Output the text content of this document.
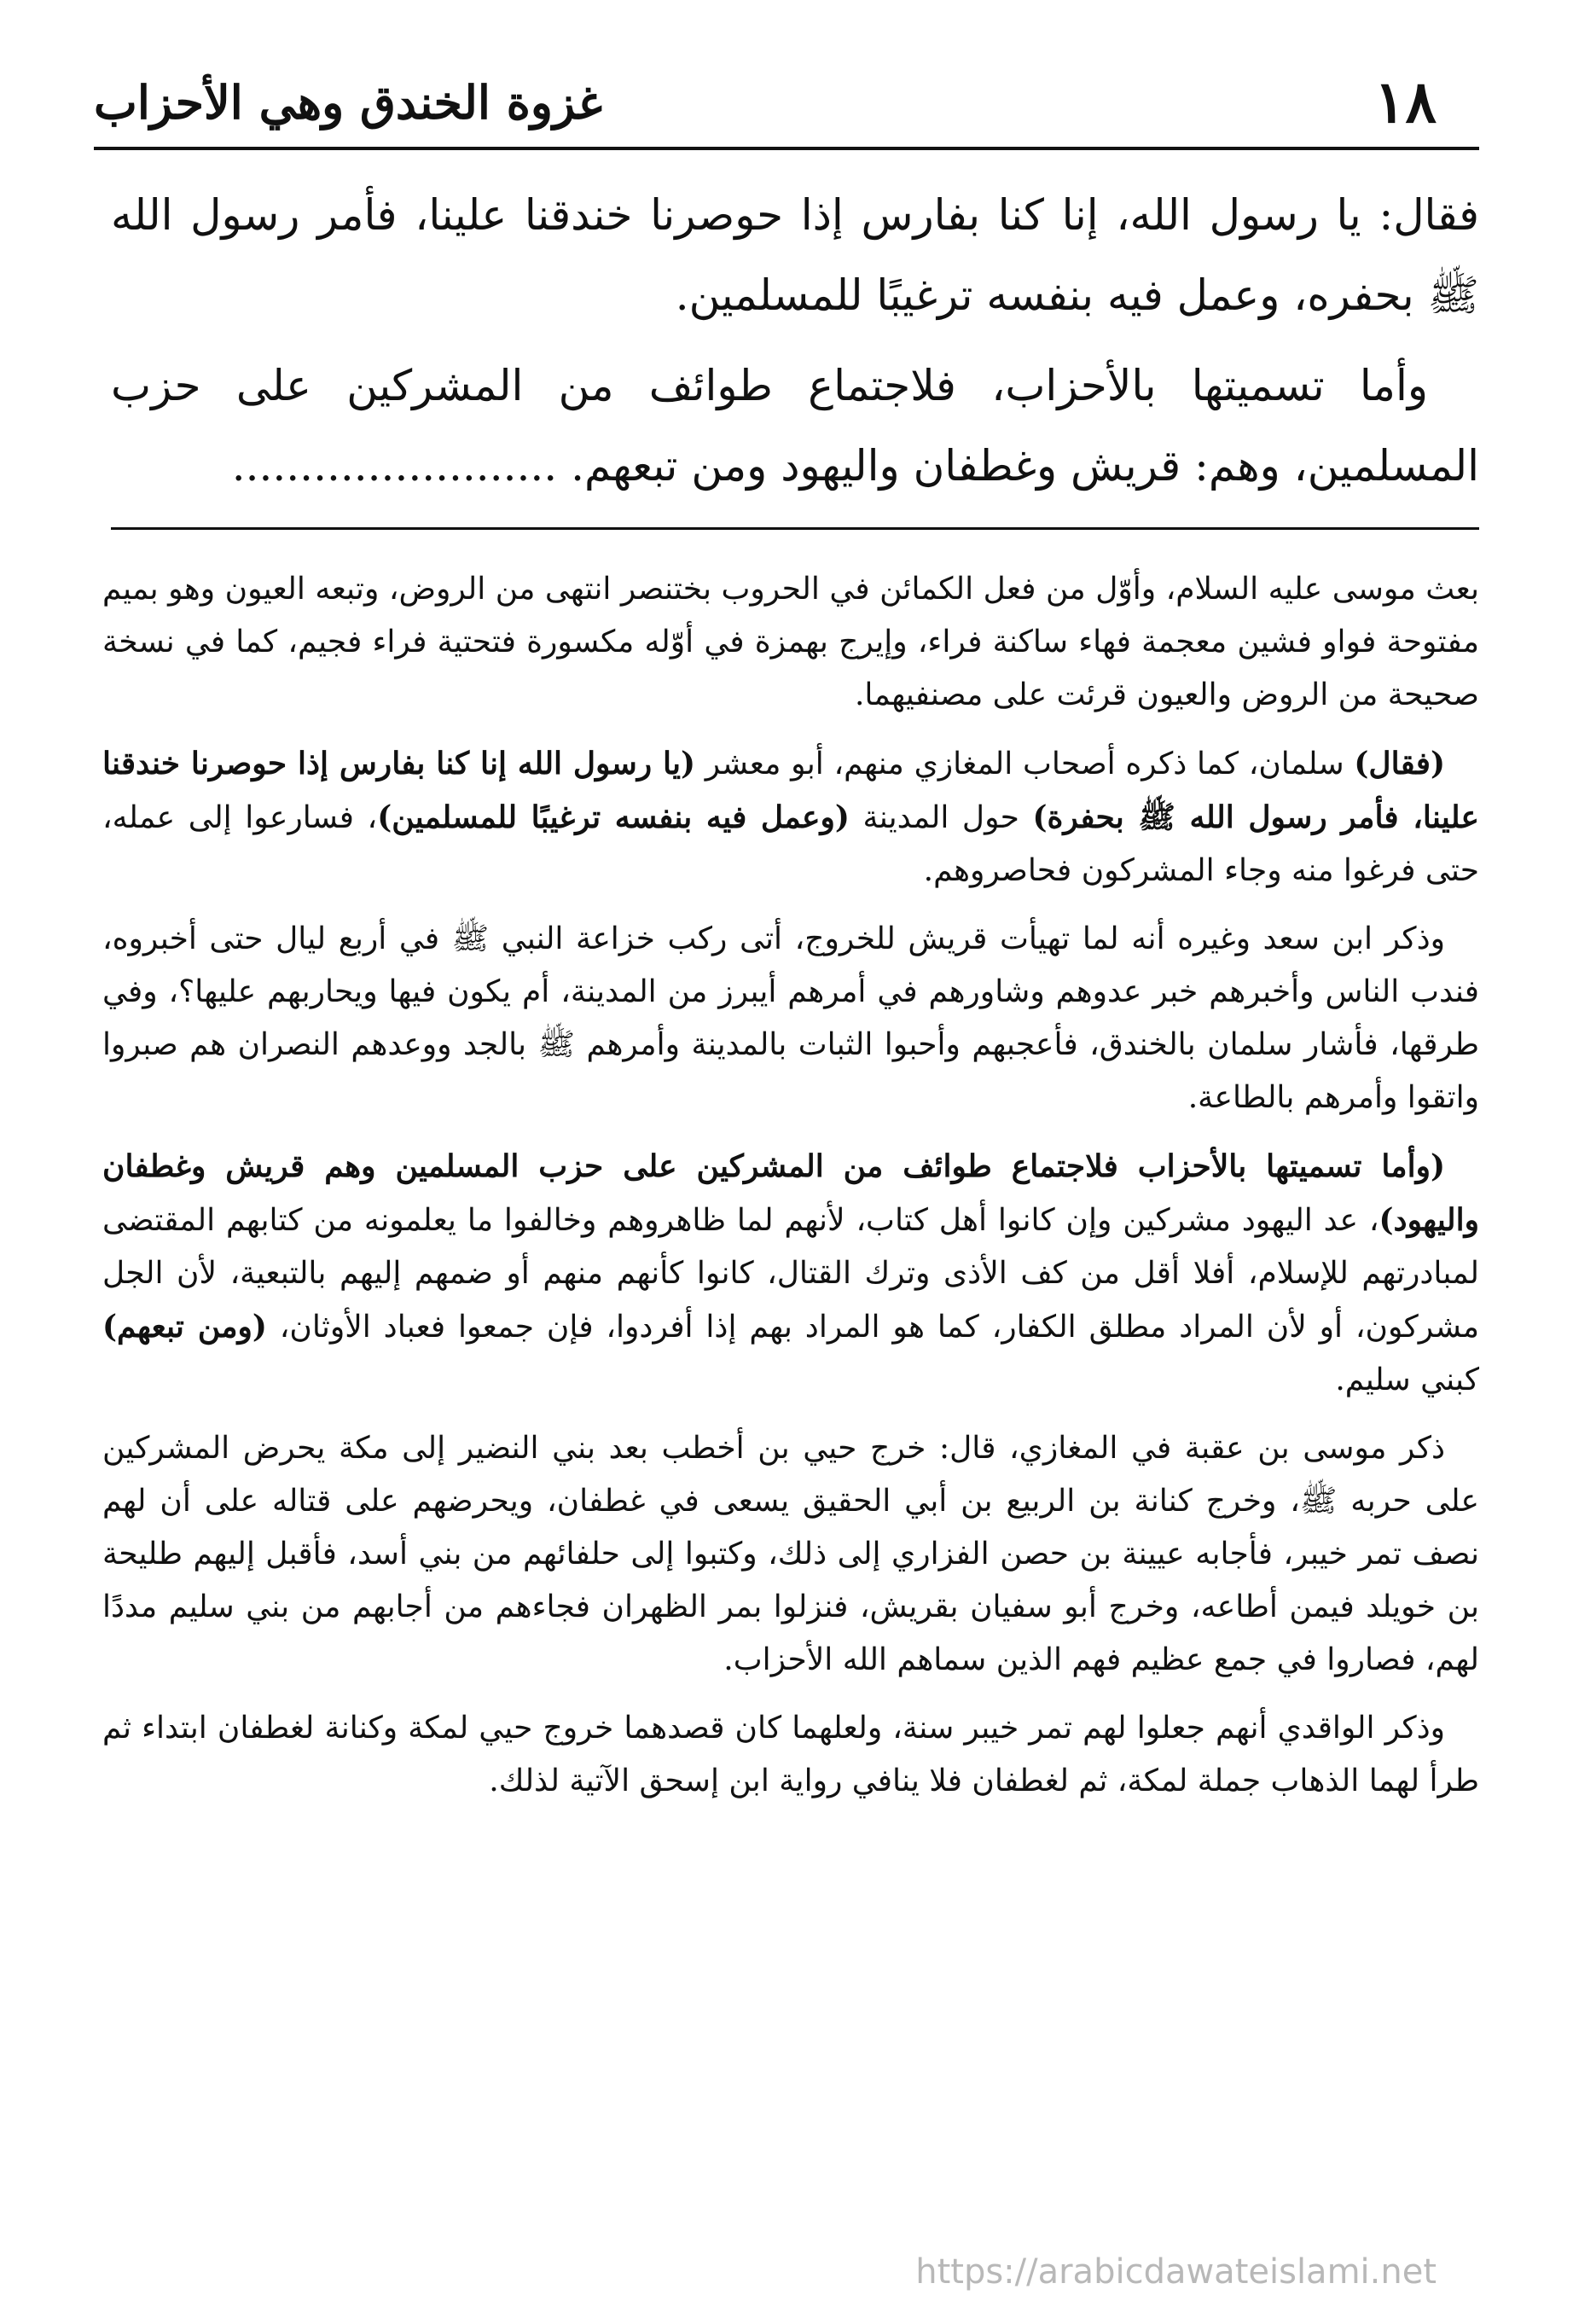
١٨
غزوة الخندق وهي الأحزاب

فقال: يا رسول الله، إنا كنا بفارس إذا حوصرنا خندقنا علينا، فأمر رسول الله ﷺ بحفره، وعمل فيه بنفسه ترغيبًا للمسلمين.

وأما تسميتها بالأحزاب، فلاجتماع طوائف من المشركين على حزب المسلمين، وهم: قريش وغطفان واليهود ومن تبعهم. ........................

بعث موسى عليه السلام، وأوّل من فعل الكمائن في الحروب بختنصر انتهى من الروض، وتبعه العيون وهو بميم مفتوحة فواو فشين معجمة فهاء ساكنة فراء، وإيرج بهمزة في أوّله مكسورة فتحتية فراء فجيم، كما في نسخة صحيحة من الروض والعيون قرئت على مصنفيهما.

(فقال) سلمان، كما ذكره أصحاب المغازي منهم، أبو معشر (يا رسول الله إنا كنا بفارس إذا حوصرنا خندقنا علينا، فأمر رسول الله ﷺ بحفرة) حول المدينة (وعمل فيه بنفسه ترغيبًا للمسلمين)، فسارعوا إلى عمله، حتى فرغوا منه وجاء المشركون فحاصروهم.

وذكر ابن سعد وغيره أنه لما تهيأت قريش للخروج، أتى ركب خزاعة النبي ﷺ في أربع ليال حتى أخبروه، فندب الناس وأخبرهم خبر عدوهم وشاورهم في أمرهم أيبرز من المدينة، أم يكون فيها ويحاربهم عليها؟، وفي طرقها، فأشار سلمان بالخندق، فأعجبهم وأحبوا الثبات بالمدينة وأمرهم ﷺ بالجد ووعدهم النصران هم صبروا واتقوا وأمرهم بالطاعة.

(وأما تسميتها بالأحزاب فلاجتماع طوائف من المشركين على حزب المسلمين وهم قريش وغطفان واليهود)، عد اليهود مشركين وإن كانوا أهل كتاب، لأنهم لما ظاهروهم وخالفوا ما يعلمونه من كتابهم المقتضى لمبادرتهم للإسلام، أفلا أقل من كف الأذى وترك القتال، كانوا كأنهم منهم أو ضمهم إليهم بالتبعية، لأن الجل مشركون، أو لأن المراد مطلق الكفار، كما هو المراد بهم إذا أفردوا، فإن جمعوا فعباد الأوثان، (ومن تبعهم) كبني سليم.

ذكر موسى بن عقبة في المغازي، قال: خرج حيي بن أخطب بعد بني النضير إلى مكة يحرض المشركين على حربه ﷺ، وخرج كنانة بن الربيع بن أبي الحقيق يسعى في غطفان، ويحرضهم على قتاله على أن لهم نصف تمر خيبر، فأجابه عيينة بن حصن الفزاري إلى ذلك، وكتبوا إلى حلفائهم من بني أسد، فأقبل إليهم طليحة بن خويلد فيمن أطاعه، وخرج أبو سفيان بقريش، فنزلوا بمر الظهران فجاءهم من أجابهم من بني سليم مددًا لهم، فصاروا في جمع عظيم فهم الذين سماهم الله الأحزاب.

وذكر الواقدي أنهم جعلوا لهم تمر خيبر سنة، ولعلهما كان قصدهما خروج حيي لمكة وكنانة لغطفان ابتداء ثم طرأ لهما الذهاب جملة لمكة، ثم لغطفان فلا ينافي رواية ابن إسحق الآتية لذلك.

https://arabicdawateislami.net
